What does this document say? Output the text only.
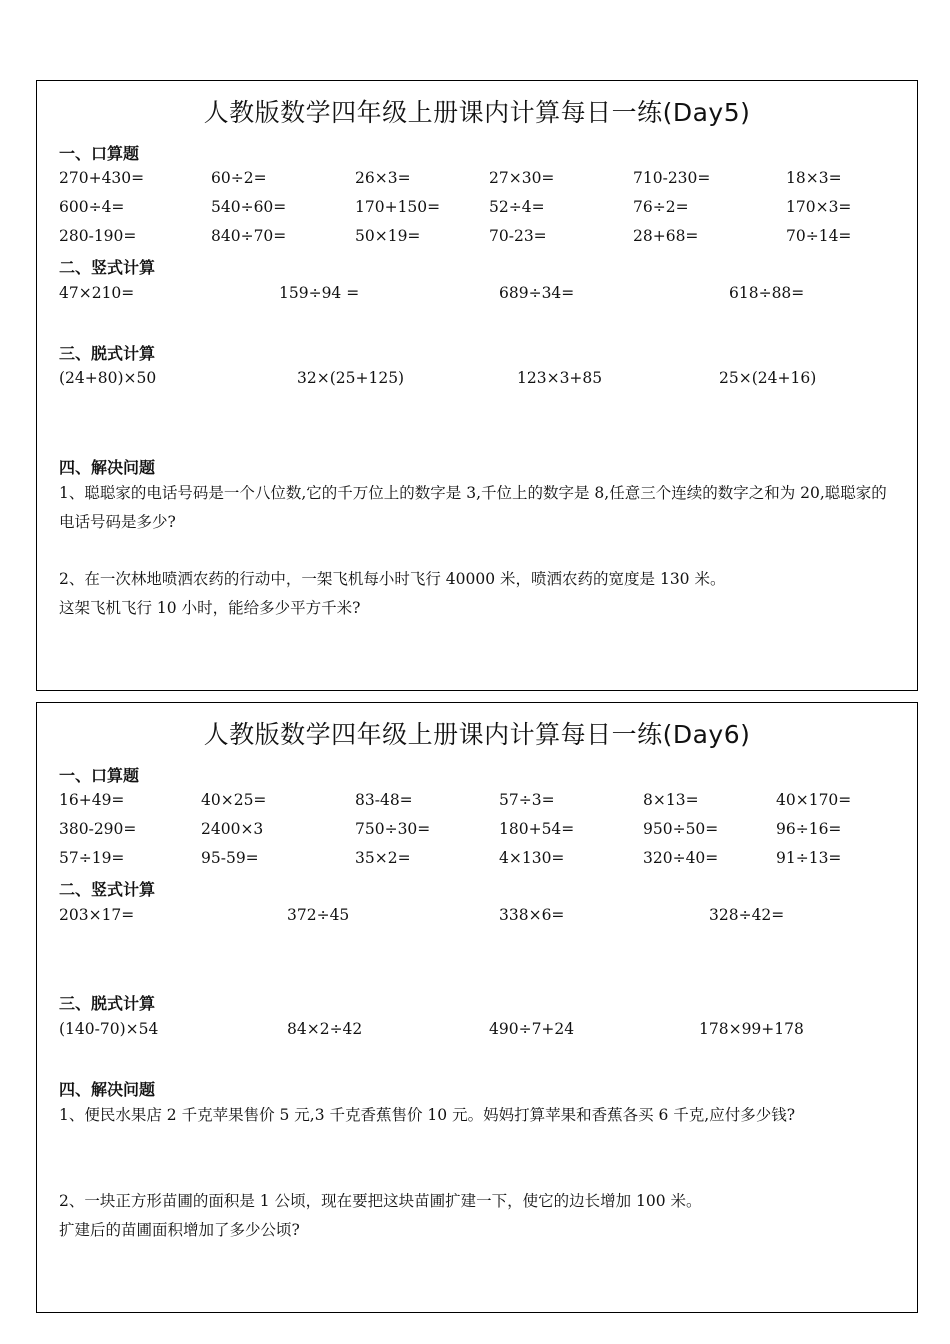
人教版数学四年级上册课内计算每日一练(Day5)
一、口算题
270+430=	60÷2=	26×3=	27×30=	710-230=	18×3=
600÷4=	540÷60=	170+150=	52÷4=	76÷2=	170×3=
280-190=	840÷70=	50×19=	70-23=	28+68=	70÷14=
二、竖式计算
47×210=	159÷94 =	689÷34=	618÷88=
三、脱式计算
(24+80)×50	32×(25+125)	123×3+85	25×(24+16)
四、解决问题
1、聪聪家的电话号码是一个八位数,它的千万位上的数字是 3,千位上的数字是 8,任意三个连续的数字之和为 20,聪聪家的电话号码是多少?
2、在一次林地喷洒农药的行动中，一架飞机每小时飞行 40000 米，喷洒农药的宽度是 130 米。
这架飞机飞行 10 小时，能给多少平方千米?
人教版数学四年级上册课内计算每日一练(Day6)
一、口算题
16+49=	40×25=	83-48=	57÷3=	8×13=	40×170=
380-290=	2400×3	750÷30=	180+54=	950÷50=	96÷16=
57÷19=	95-59=	35×2=	4×130=	320÷40=	91÷13=
二、竖式计算
203×17=	372÷45	338×6=	328÷42=
三、脱式计算
(140-70)×54	84×2÷42	490÷7+24	178×99+178
四、解决问题
1、便民水果店 2 千克苹果售价 5 元,3 千克香蕉售价 10 元。妈妈打算苹果和香蕉各买 6 千克,应付多少钱?
2、一块正方形苗圃的面积是 1 公顷，现在要把这块苗圃扩建一下，使它的边长增加 100 米。
扩建后的苗圃面积增加了多少公顷?
